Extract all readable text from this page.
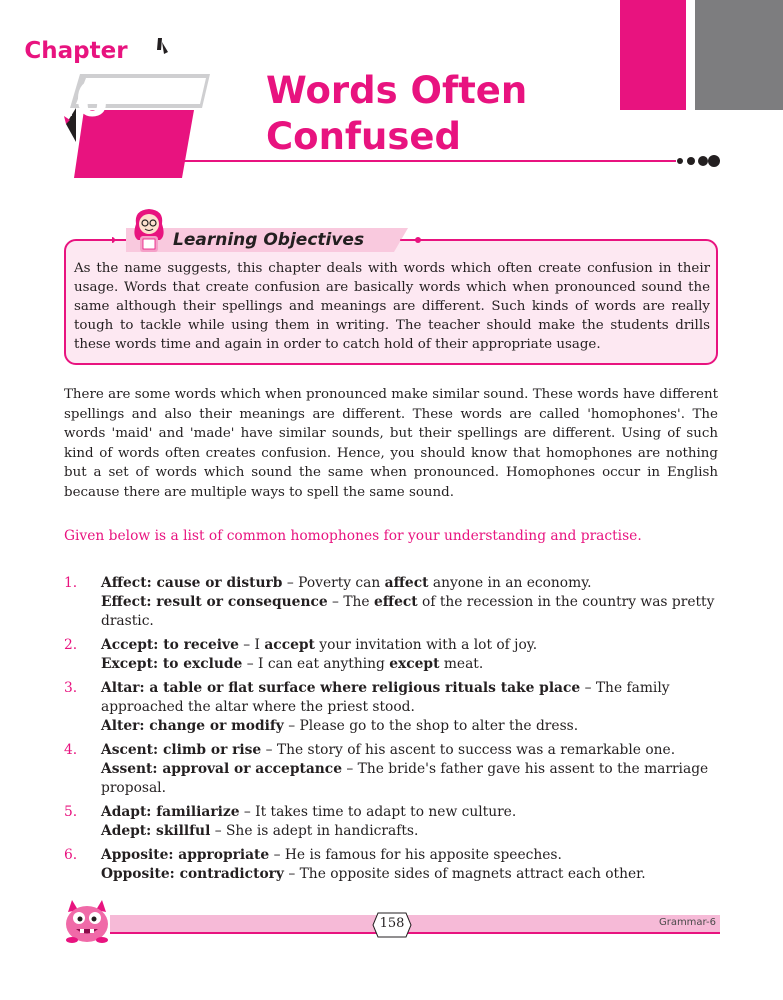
Chapter
26	Words Often
Confused
Learning Objectives

As the name suggests, this chapter deals with words which often create confusion in their usage. Words that create confusion are basically words which when pronounced sound the same although their spellings and meanings are different. Such kinds of words are really tough to tackle while using them in writing. The teacher should make the students drills these words time and again in order to catch hold of their appropriate usage.

There are some words which when pronounced make similar sound. These words have different spellings and also their meanings are different. These words are called 'homophones'. The words 'maid' and 'made' have similar sounds, but their spellings are different. Using of such kind of words often creates confusion. Hence, you should know that homophones are nothing but a set of words which sound the same when pronounced. Homophones occur in English because there are multiple ways to spell the same sound.

Given below is a list of common homophones for your understanding and practise.

1. Affect: cause or disturb – Poverty can affect anyone in an economy.
Effect: result or consequence – The effect of the recession in the country was pretty drastic.
2. Accept: to receive – I accept your invitation with a lot of joy.
Except: to exclude – I can eat anything except meat.
3. Altar: a table or flat surface where religious rituals take place – The family approached the altar where the priest stood.
Alter: change or modify – Please go to the shop to alter the dress.
4. Ascent: climb or rise – The story of his ascent to success was a remarkable one.
Assent: approval or acceptance – The bride's father gave his assent to the marriage proposal.
5. Adapt: familiarize – It takes time to adapt to new culture.
Adept: skillful – She is adept in handicrafts.
6. Apposite: appropriate – He is famous for his apposite speeches.
Opposite: contradictory – The opposite sides of magnets attract each other.
158	Grammar-6
